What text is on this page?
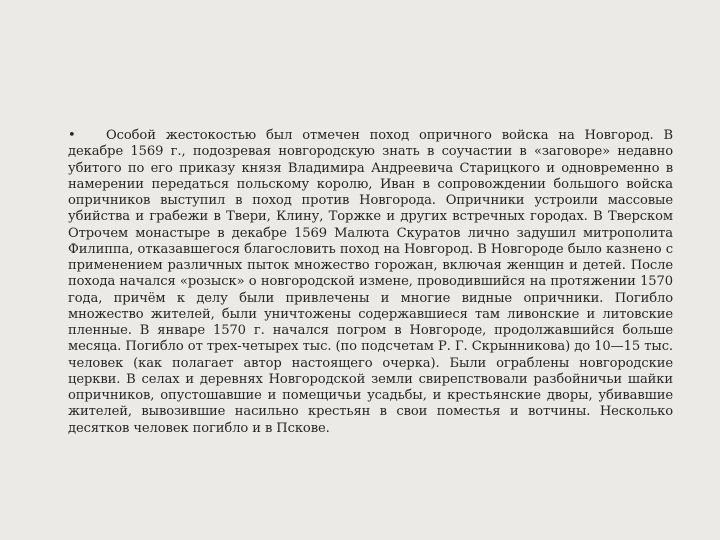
• Особой жестокостью был отмечен поход опричного войска на Новгород. В декабре 1569 г., подозревая новгородскую знать в соучастии в «заговоре» недавно убитого по его приказу князя Владимира Андреевича Старицкого и одновременно в намерении передаться польскому королю, Иван в сопровождении большого войска опричников выступил в поход против Новгорода. Опричники устроили массовые убийства и грабежи в Твери, Клину, Торжке и других встречных городах. В Тверском Отрочем монастыре в декабре 1569 Малюта Скуратов лично задушил митрополита Филиппа, отказавшегося благословить поход на Новгород. В Новгороде было казнено с применением различных пыток множество горожан, включая женщин и детей. После похода начался «розыск» о новгородской измене, проводившийся на протяжении 1570 года, причём к делу были привлечены и многие видные опричники. Погибло множество жителей, были уничтожены содержавшиеся там ливонские и литовские пленные. В январе 1570 г. начался погром в Новгороде, продолжавшийся больше месяца. Погибло от трех-четырех тыс. (по подсчетам Р. Г. Скрынникова) до 10—15 тыс. человек (как полагает автор настоящего очерка). Были ограблены новгородские церкви. В селах и деревнях Новгородской земли свирепствовали разбойничьи шайки опричников, опустошавшие и помещичьи усадьбы, и крестьянские дворы, убивавшие жителей, вывозившие насильно крестьян в свои поместья и вотчины. Несколько десятков человек погибло и в Пскове.
